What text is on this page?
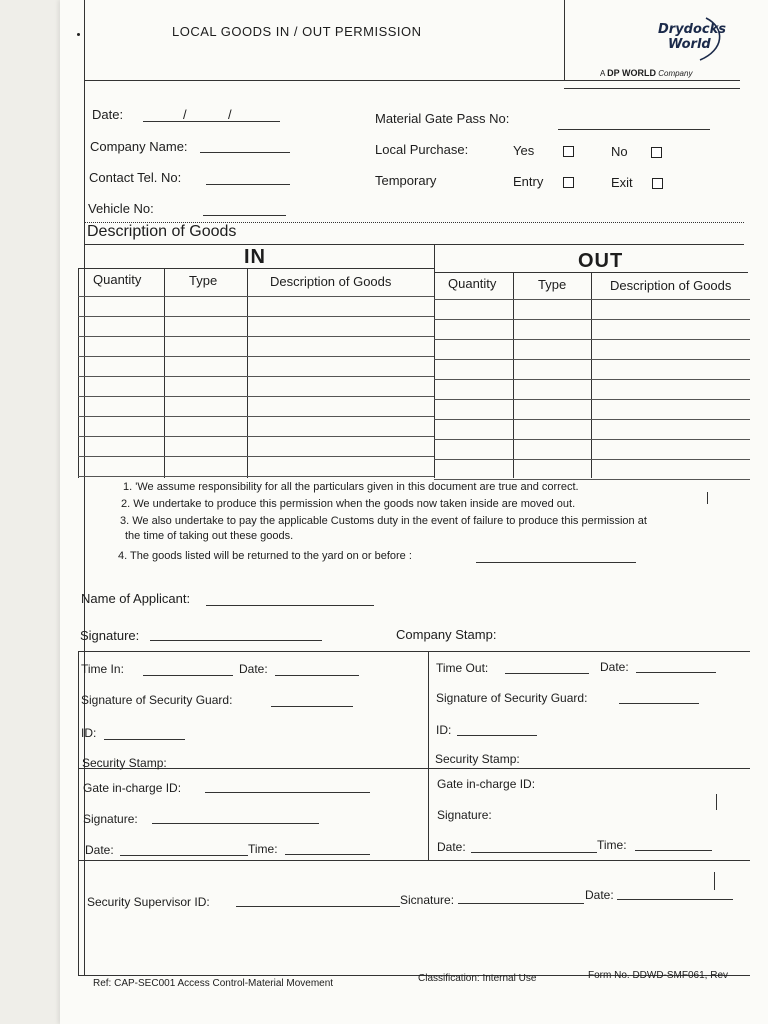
LOCAL GOODS IN / OUT PERMISSION	Drydocks
World
A DP WORLD Company
Date:	/	/	Material Gate Pass No:
Company Name:	Local Purchase:	Yes	No
Contact Tel. No:	Temporary	Entry	Exit
Vehicle No:
Description of Goods
IN	OUT
Quantity	Type	Description of Goods	Quantity	Type	Description of Goods
1. 'We assume responsibility for all the particulars given in this document are true and correct.
2. We undertake to produce this permission when the goods now taken inside are moved out.
3. We also undertake to pay the applicable Customs duty in the event of failure to produce this permission at
the time of taking out these goods.
4. The goods listed will be returned to the yard on or before :
Name of Applicant:
Signature:	Company Stamp:
Time In:	Date:
Signature of Security Guard:
ID:
Security Stamp:
Gate in-charge ID:
Signature:
Date:	Time:
Time Out:	Date:
Signature of Security Guard:
ID:
Security Stamp:
Gate in-charge ID:
Signature:
Date:	Time:
Security Supervisor ID:	Sicnature:	Date:
Ref: CAP-SEC001 Access Control-Material Movement	Classification: Internal Use	Form No. DDWD-SMF061, Rev
